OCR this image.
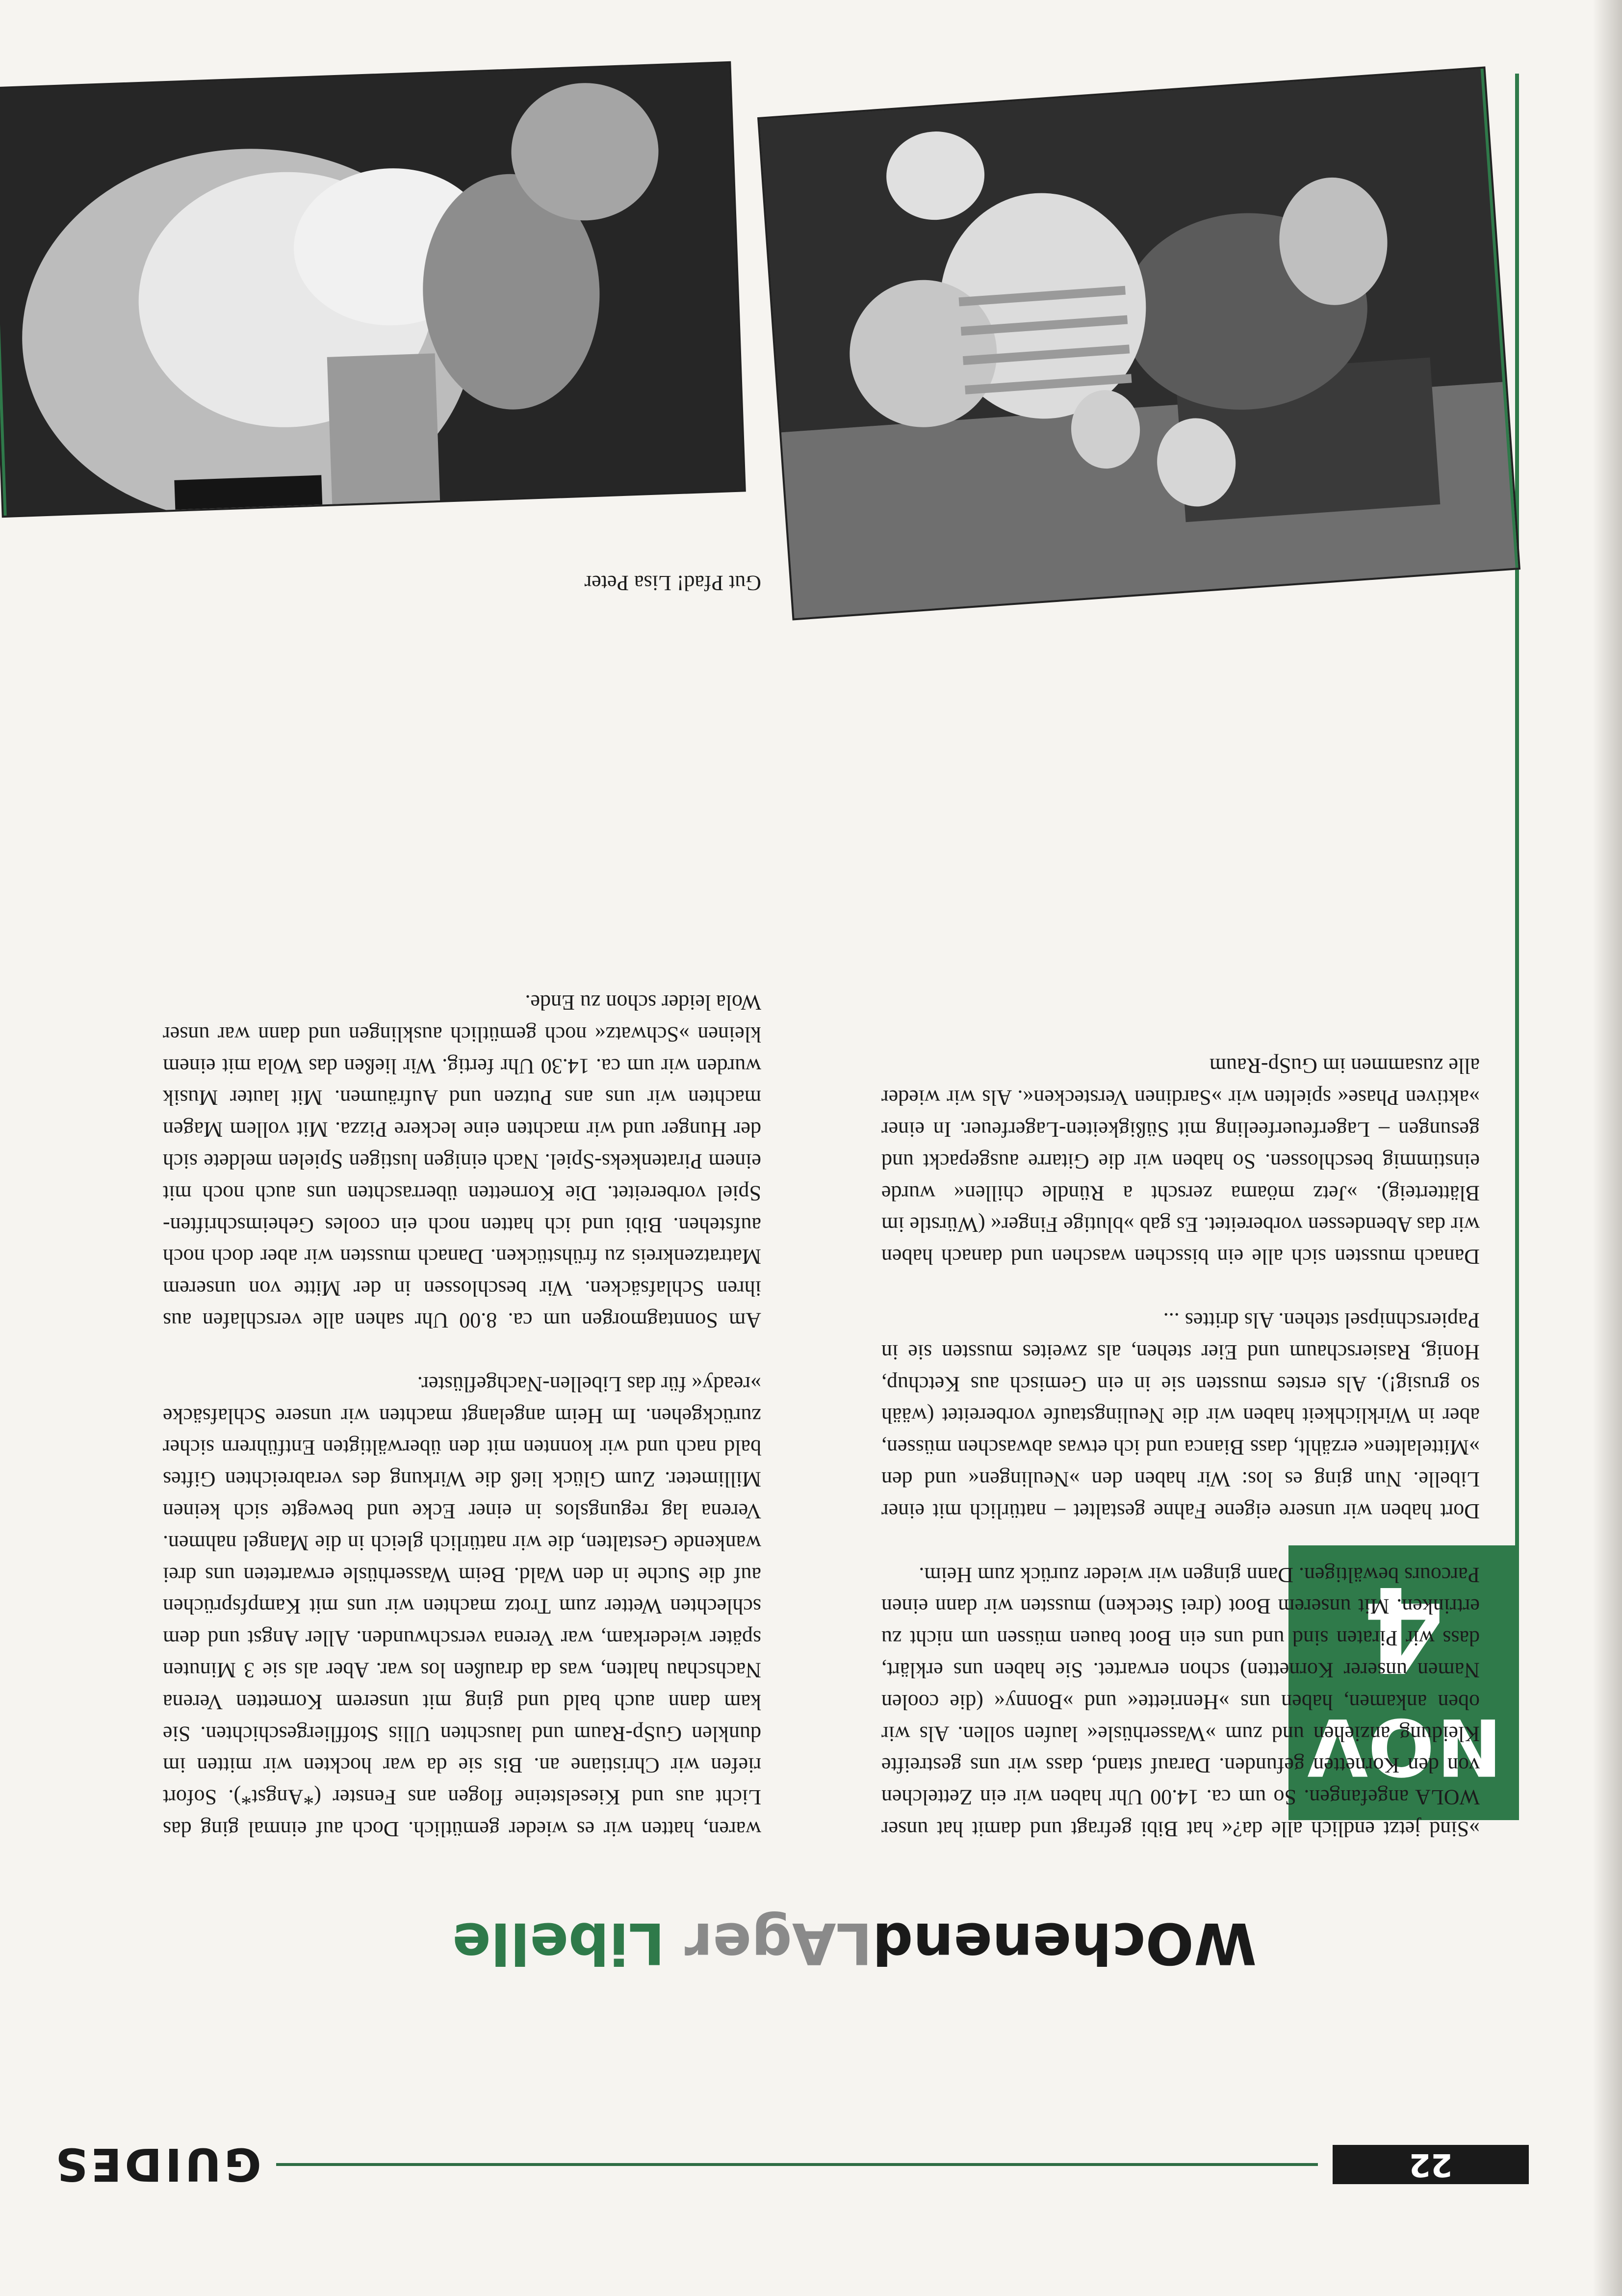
22
GUIDES
NOV
4
WOchenendLAger Libelle

»Sind jetzt endlich alle da?« hat Bibi gefragt und damit hat unser WOLA angefangen. So um ca. 14.00 Uhr haben wir ein Zettelchen von den Kornetten gefunden. Darauf stand, dass wir uns gestreifte Kleidung anziehen und zum »Wasserhüsle« laufen sollen. Als wir oben ankamen, haben uns »Henriette« und »Bonny« (die coolen Namen unserer Kornetten) schon erwartet. Sie haben uns erklärt, dass wir Piraten sind und uns ein Boot bauen müssen um nicht zu ertrinken. Mit unserem Boot (drei Stecken) mussten wir dann einen Parcours bewältigen. Dann gingen wir wieder zurück zum Heim.

Dort haben wir unsere eigene Fahne gestaltet – natürlich mit einer Libelle. Nun ging es los: Wir haben den »Neulingen« und den »Mittelalten« erzählt, dass Bianca und ich etwas abwaschen müssen, aber in Wirklichkeit haben wir die Neulingstaufe vorbereitet (wääh so grusig!). Als erstes mussten sie in ein Gemisch aus Ketchup, Honig, Rasierschaum und Eier stehen, als zweites mussten sie in Papierschnipsel stehen. Als drittes ...

Danach mussten sich alle ein bisschen waschen und danach haben wir das Abendessen vorbereitet. Es gab »blutige Finger« (Würstle im Blätterteig). »Jetz möama zerscht a Ründle chillen« wurde einstimmig beschlossen. So haben wir die Gitarre ausgepackt und gesungen – Lagerfeuerfeeling mit Süßigkeiten-Lagerfeuer. In einer »aktiven Phase« spielten wir »Sardinen Verstecken«. Als wir wieder alle zusammen im GuSp-Raum

waren, hatten wir es wieder gemütlich. Doch auf einmal ging das Licht aus und Kieselsteine flogen ans Fenster (*Angst*). Sofort riefen wir Christiane an. Bis sie da war hockten wir mitten im dunklen GuSp-Raum und lauschten Ullis Stoffliergeschichten. Sie kam dann auch bald und ging mit unserem Kornetten Verena Nachschau halten, was da draußen los war. Aber als sie 3 Minuten später wiederkam, war Verena verschwunden. Aller Angst und dem schlechten Wetter zum Trotz machten wir uns mit Kampfsprüchen auf die Suche in den Wald. Beim Wasserhüsle erwarteten uns drei wankende Gestalten, die wir natürlich gleich in die Mangel nahmen. Verena lag regungslos in einer Ecke und bewegte sich keinen Millimeter. Zum Glück ließ die Wirkung des verabreichten Giftes bald nach und wir konnten mit den überwältigten Entführern sicher zurückgehen. Im Heim angelangt machten wir unsere Schlafsäcke »ready« für das Libellen-Nachgeflüster.

Am Sonntagmorgen um ca. 8.00 Uhr sahen alle verschlafen aus ihren Schlafsäcken. Wir beschlossen in der Mitte von unserem Matratzenkreis zu frühstücken. Danach mussten wir aber doch noch aufstehen. Bibi und ich hatten noch ein cooles Geheimschriften-Spiel vorbereitet. Die Kornetten überraschten uns auch noch mit einem Piratenkeks-Spiel. Nach einigen lustigen Spielen meldete sich der Hunger und wir machten eine leckere Pizza. Mit vollem Magen machten wir uns ans Putzen und Aufräumen. Mit lauter Musik wurden wir um ca. 14.30 Uhr fertig. Wir ließen das Wola mit einem kleinen »Schwatz« noch gemütlich ausklingen und dann war unser Wola leider schon zu Ende.

Gut Pfad! Lisa Peter
